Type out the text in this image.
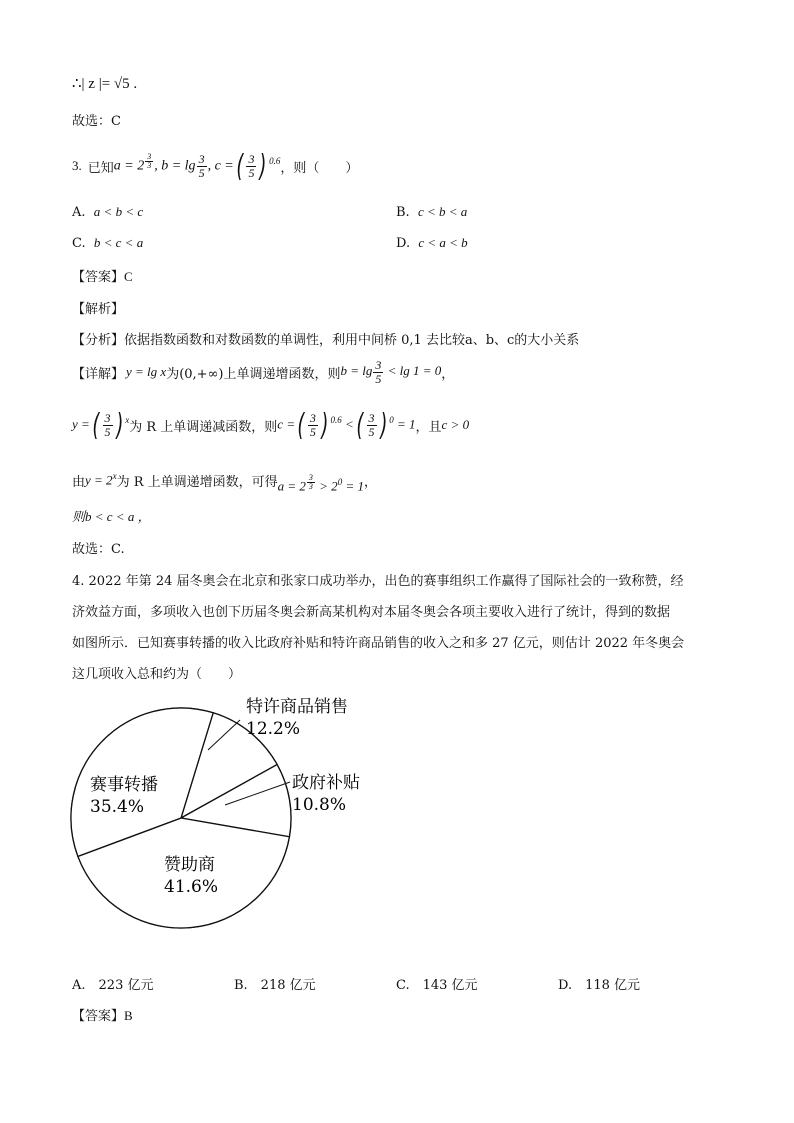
∴| z |= √5 .
故选：C
3. 已知 a = 2 $^{\frac{3}{3}}$ , $b = \lg \frac{3}{5}$ , c =( $\frac{3}{5}$ ) $^{0.6}$ ，则（　　）
A.  a < b < c	B.  c < b < a
C.  b < c < a	D.  c < a < b
【答案】C
【解析】
【分析】依据指数函数和对数函数的单调性，利用中间桥 0,1 去比较a、b、c的大小关系
【详解】 y = lg x 为(0,+∞)上单调递增函数，则 $b = \lg \frac{3}{5} < \lg 1 = 0$ ，
y =( $\frac{3}{5}$ ) $^x$ 为 R 上单调递减函数，则 c =( $\frac{3}{5}$ ) $^{0.6}$ <( $\frac{3}{5}$ ) $^0$ = 1 ，且 c > 0
由 $y = 2^x$ 为 R 上单调递增函数，可得 a = 2 $^{\frac{3}{3}} > 2^0 = 1$ ，
则b < c < a ，
故选：C.
4. 2022 年第 24 届冬奥会在北京和张家口成功举办，出色的赛事组织工作赢得了国际社会的一致称赞，经
济效益方面，多项收入也创下历届冬奥会新高某机构对本届冬奥会各项主要收入进行了统计，得到的数据
如图所示．已知赛事转播的收入比政府补贴和特许商品销售的收入之和多 27 亿元，则估计 2022 年冬奥会
这几项收入总和约为（　　）
特许商品销售
12.2%
政府补贴
10.8%
赞助商
41.6%
赛事转播
35.4%
A.　223 亿元	B.　218 亿元	C.　143 亿元	D.　118 亿元
【答案】B
